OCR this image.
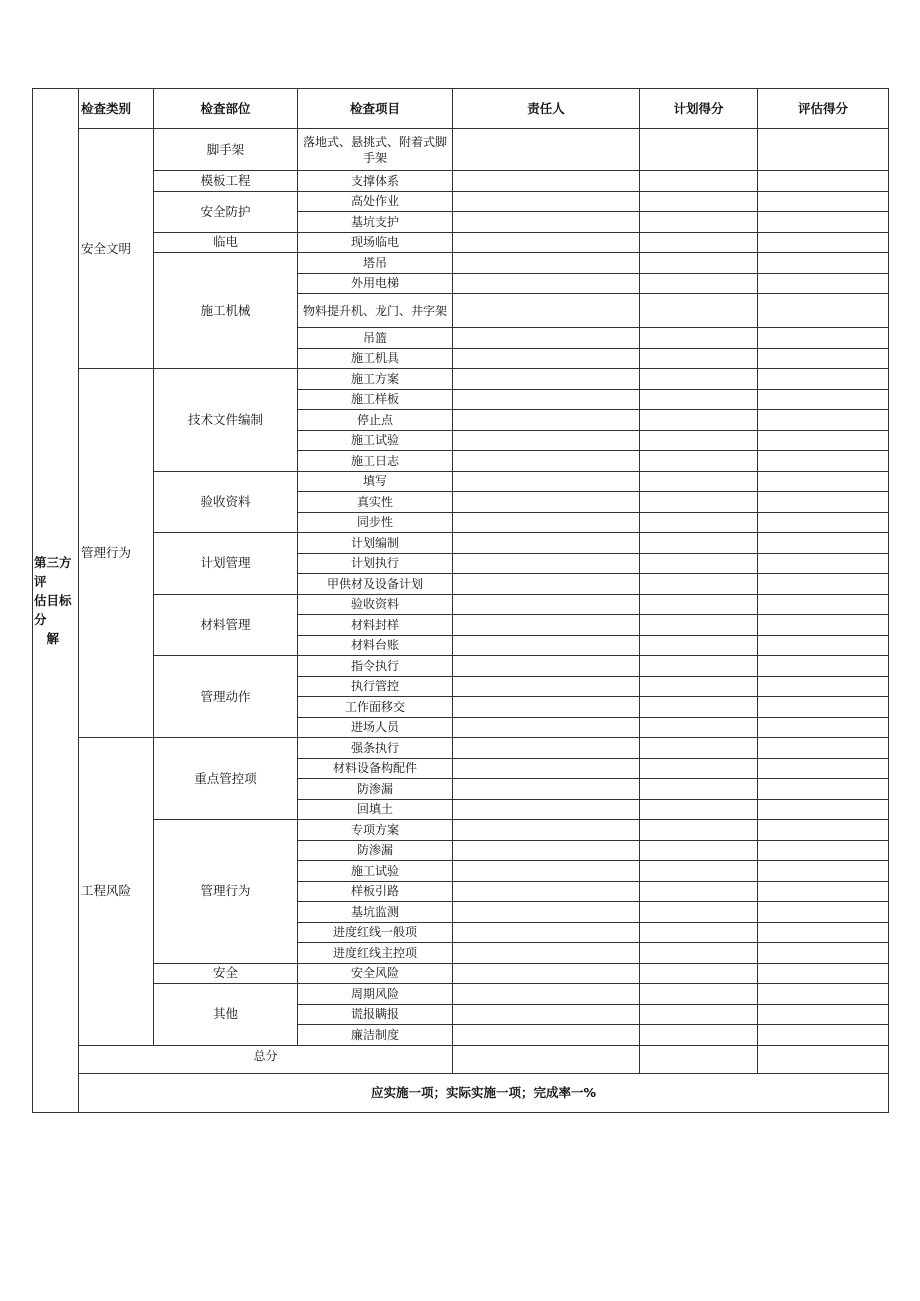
第三方
评
估目标
分
　解	检查类别	检查部位	检查项目	责任人	计划得分	评估得分
	安全文明	脚手架	落地式、悬挑式、附着式脚手架			
		模板工程	支撑体系			
		安全防护	高处作业			
			基坑支护			
		临电	现场临电			
		施工机械	塔吊			
			外用电梯			
			物料提升机、龙门、井字架			
			吊篮			
			施工机具			
	管理行为	技术文件编制	施工方案			
			施工样板			
			停止点			
			施工试验			
			施工日志			
		验收资料	填写			
			真实性			
			同步性			
		计划管理	计划编制			
			计划执行			
			甲供材及设备计划			
		材料管理	验收资料			
			材料封样			
			材料台账			
		管理动作	指令执行			
			执行管控			
			工作面移交			
			进场人员			
	工程风险	重点管控项	强条执行			
			材料设备构配件			
			防渗漏			
			回填土			
		管理行为	专项方案			
			防渗漏			
			施工试验			
			样板引路			
			基坑监测			
			进度红线一般项			
			进度红线主控项			
		安全	安全风险			
		其他	周期风险			
			谎报瞒报			
			廉洁制度			
	总分					
	应实施一项；实际实施一项；完成率一%					
